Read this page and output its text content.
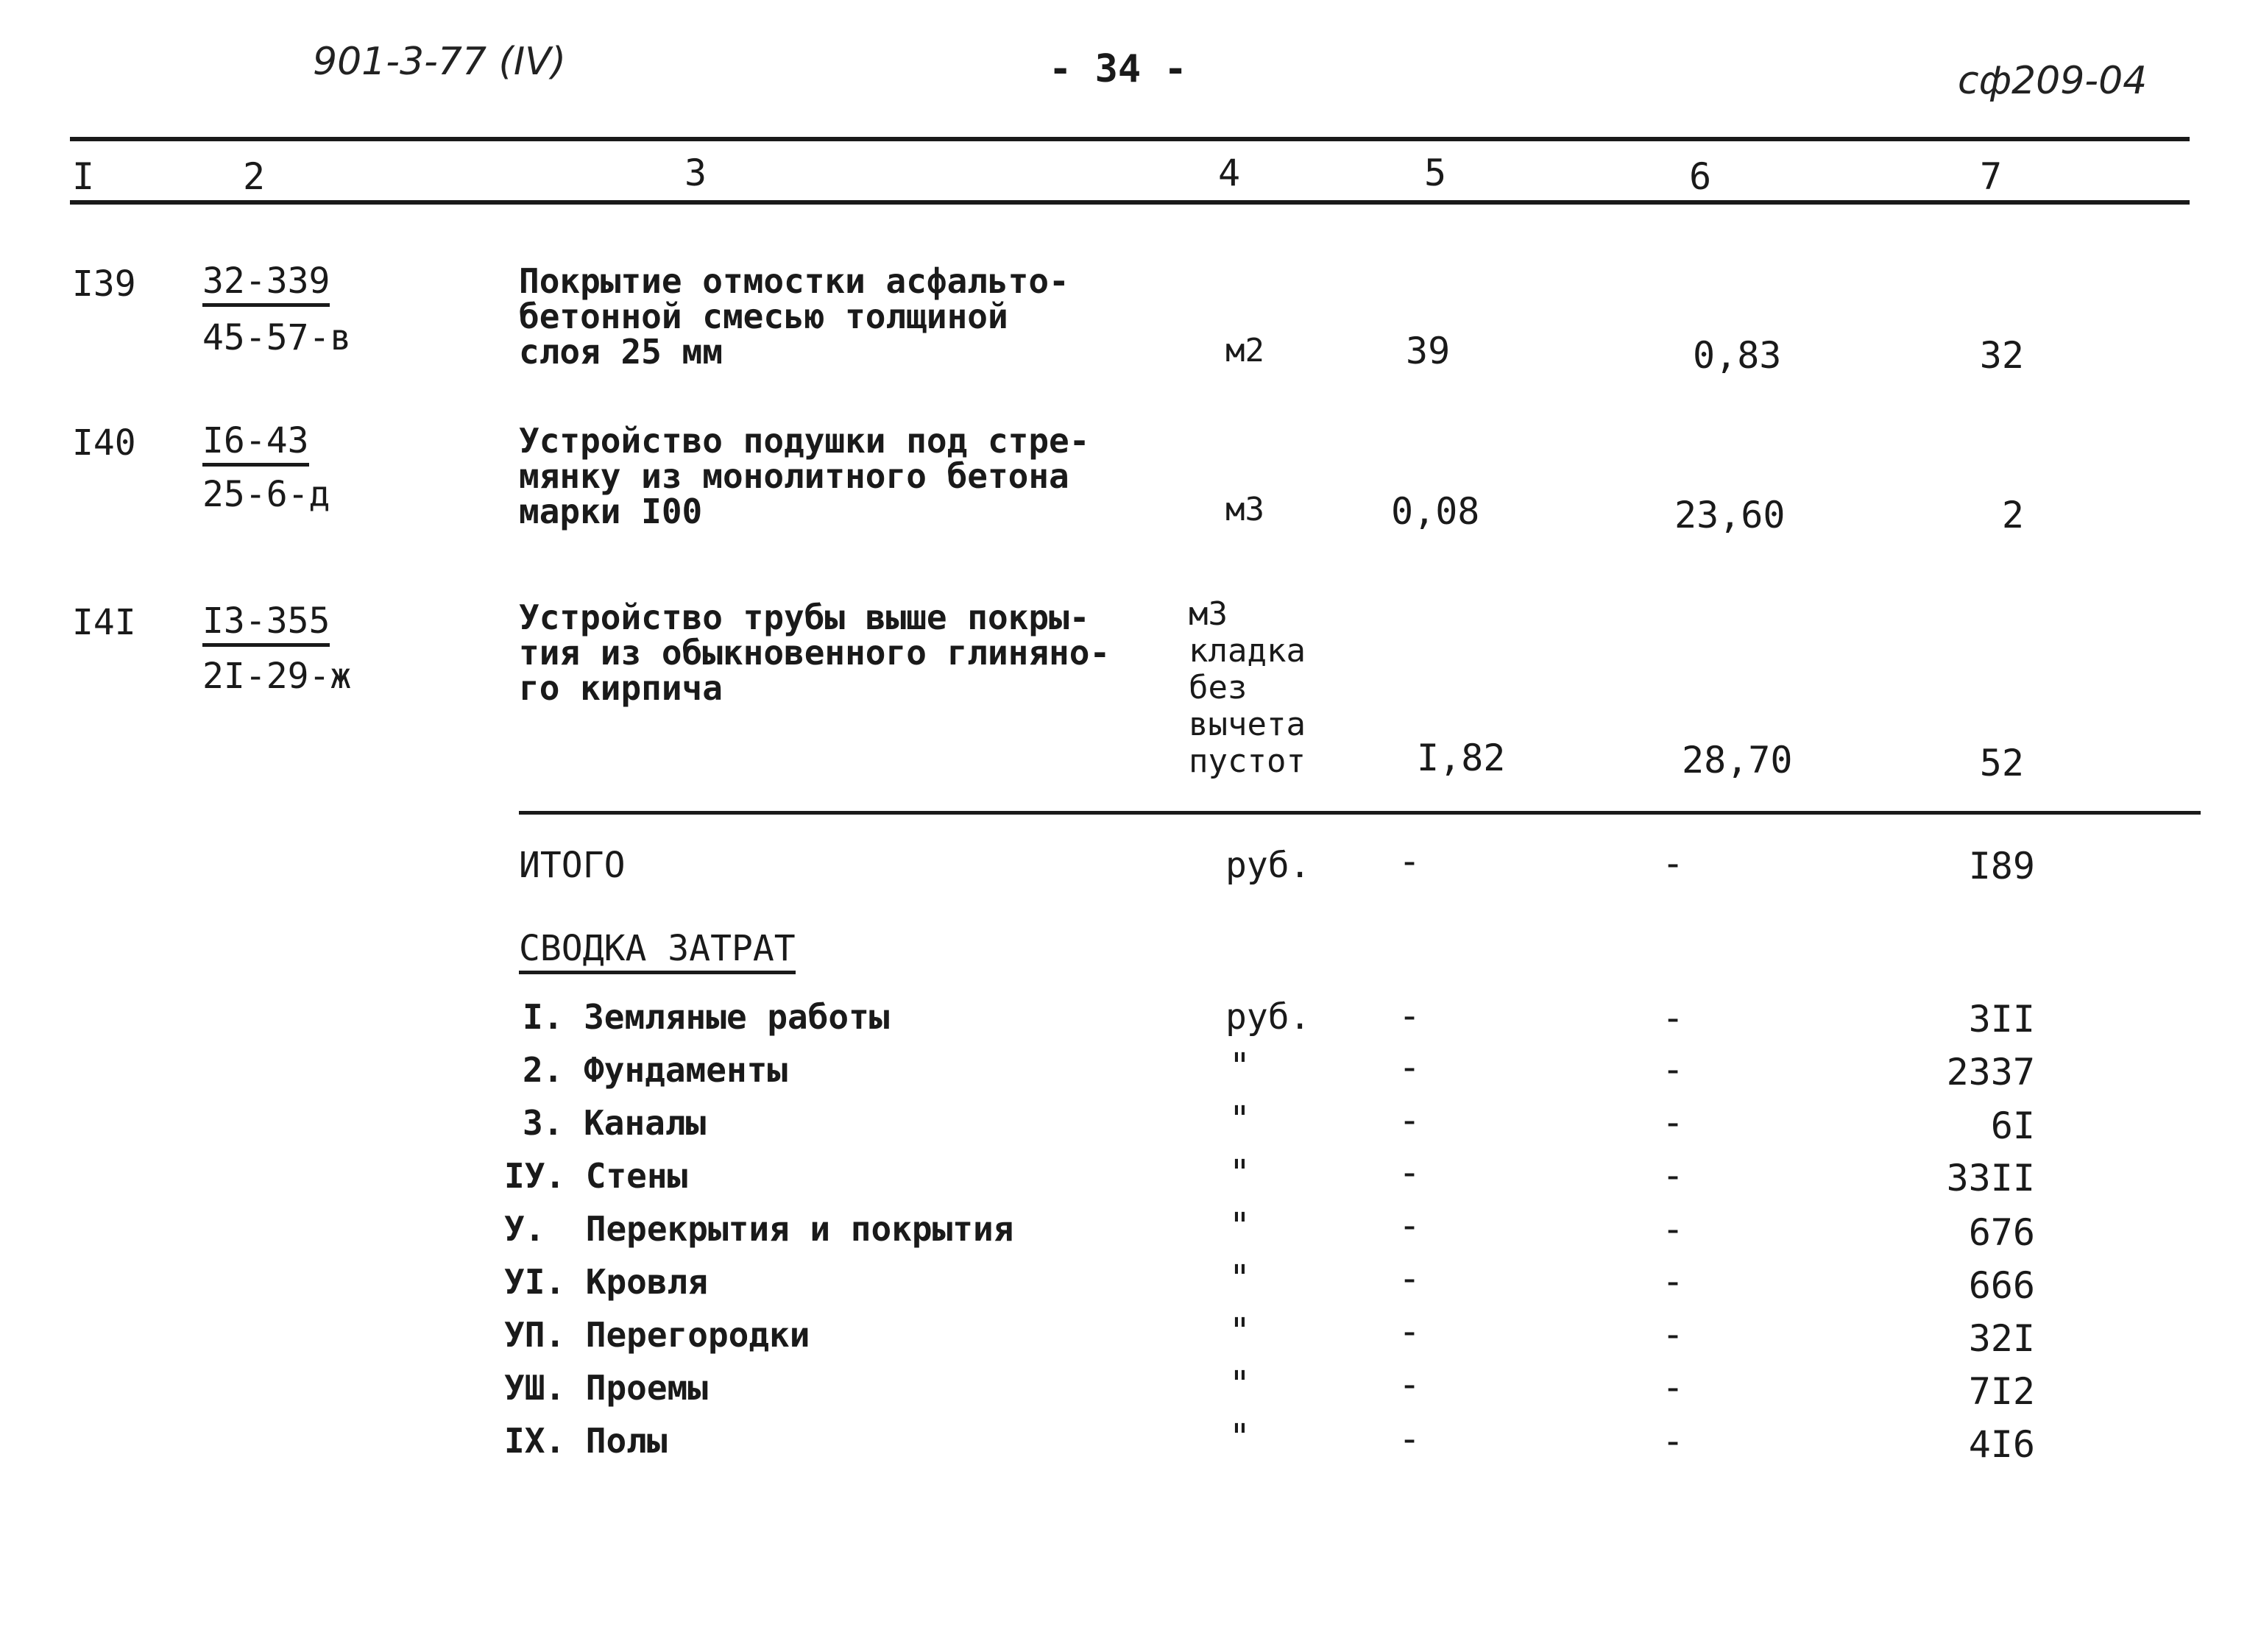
901-3-77 (IV)	- 34 -	сф209-04
I	2	3	4	5	6	7
I39 32-339
45-57-в
Покрытие отмостки асфальто-
бетонной смесью толщиной
слоя 25 мм	м2	39	0,83	32
I40 I6-43
25-6-д
Устройство подушки под стре-
мянку из монолитного бетона
марки I00	м3	0,08	23,60	2
I4I I3-355
2I-29-ж
Устройство трубы выше покры-
тия из обыкновенного глиняно-
го кирпича
м3
кладка
без
вычета
пустот	I,82	28,70	52
ИТОГО	руб. -	-	I89
СВОДКА ЗАТРАТ
I. Земляные работы	руб. -	-	3II
2. Фундаменты	"	-	-	2337
3. Каналы	"	-	-	6I
IУ. Стены	"	-	-	33II
У.  Перекрытия и покрытия	"	-	-	676
УI. Кровля	"	-	-	666
УП. Перегородки	"	-	-	32I
УШ. Проемы	"	-	-	7I2
IX. Полы	"	-	-	4I6
